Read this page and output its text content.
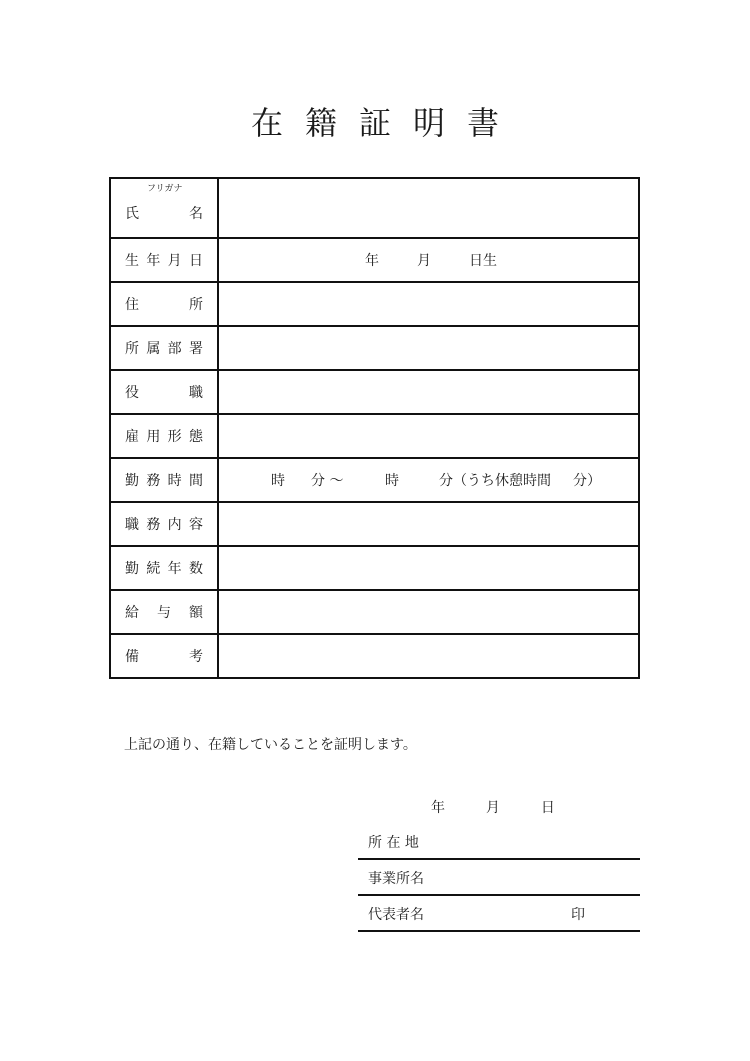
在籍証明書
フリガナ
氏 名	

生 年 月 日	年 月 日生

住 所	

所 属 部 署	

役 職	

雇 用 形 態	

勤 務 時 間	時 分 ～ 時 分（うち休憩時間 分）

職 務 内 容	

勤 続 年 数	

給 与 額	

備 考	

上記の通り、在籍していることを証明します。
年	月	日
所 在 地
事業所名
代表者名	印
